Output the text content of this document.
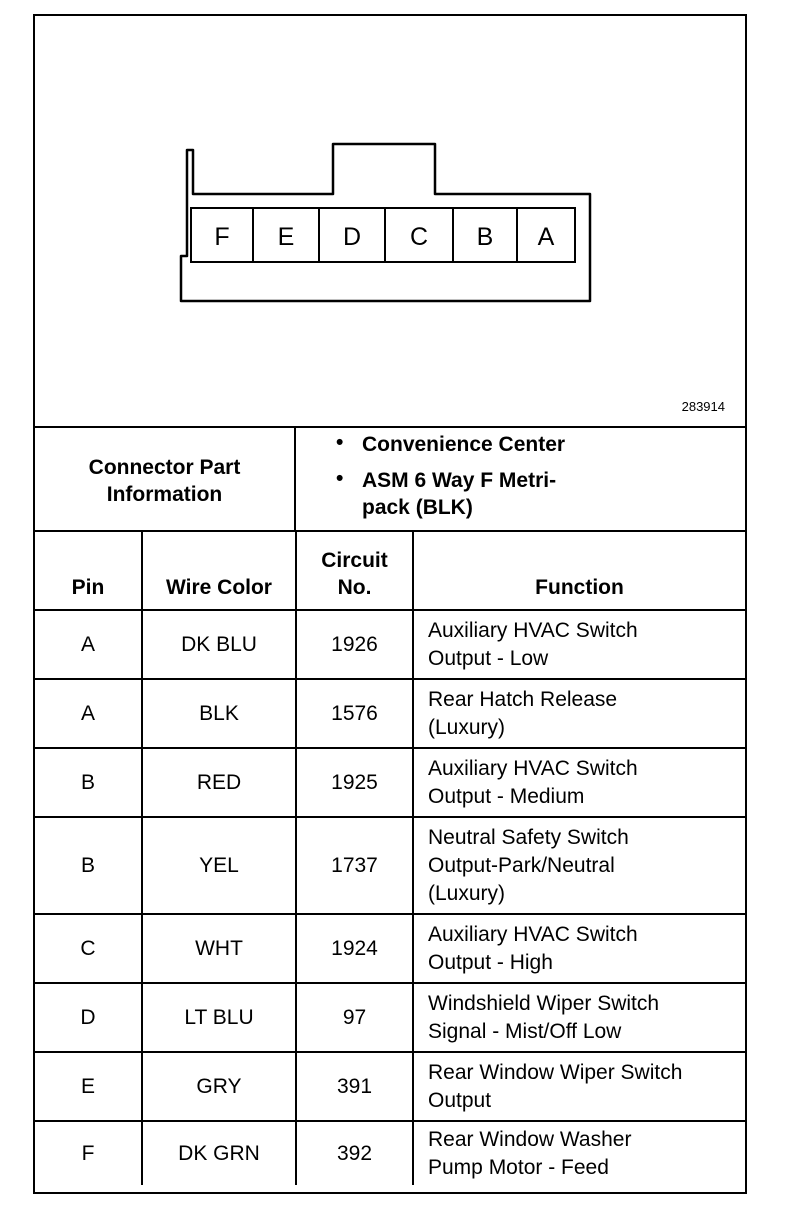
F E D C B A
283914
Connector Part Information
• Convenience Center
• ASM 6 Way F Metri-pack (BLK)
Pin	Wire Color	Circuit No.	Function
A	DK BLU	1926	Auxiliary HVAC Switch
Output - Low

A	BLK	1576	Rear Hatch Release
(Luxury)

B	RED	1925	Auxiliary HVAC Switch
Output - Medium

B	YEL	1737	Neutral Safety Switch
Output-Park/Neutral
(Luxury)

C	WHT	1924	Auxiliary HVAC Switch
Output - High

D	LT BLU	97	Windshield Wiper Switch
Signal - Mist/Off Low

E	GRY	391	Rear Window Wiper Switch
Output

F	DK GRN	392	Rear Window Washer
Pump Motor - Feed
